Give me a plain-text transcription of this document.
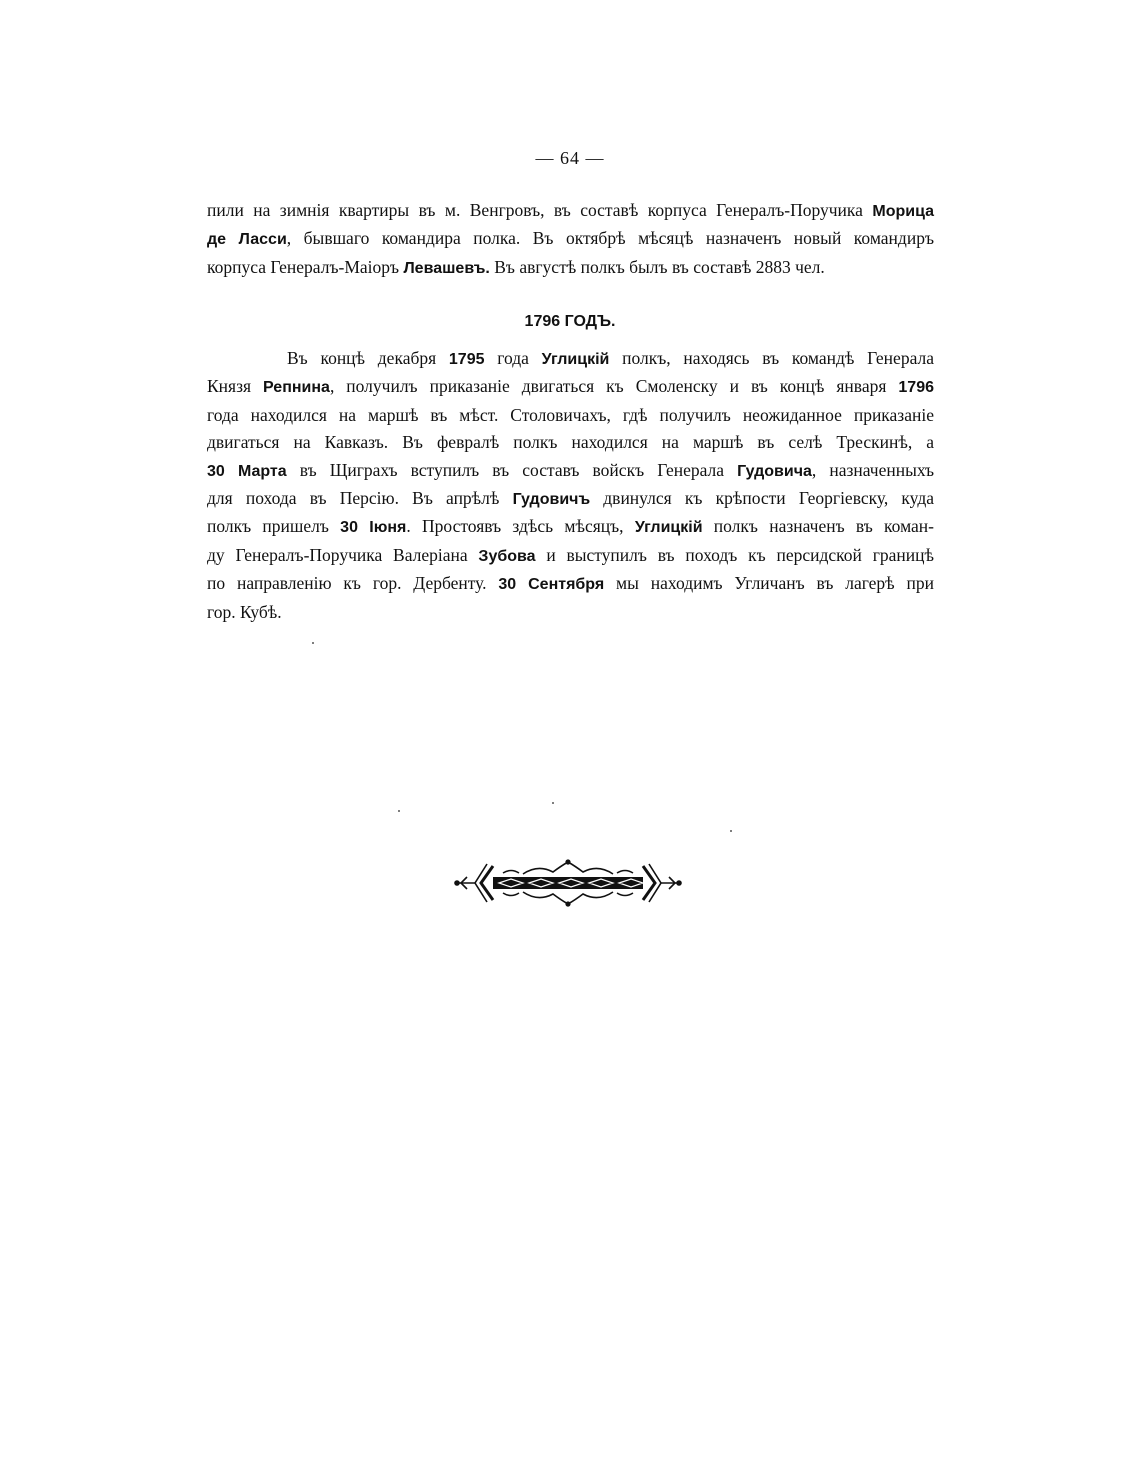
— 64 —

пили на зимнія квартиры въ м. Венгровъ, въ составѣ корпуса Генералъ-Поручика Морица

де Ласси, бывшаго командира полка. Въ октябрѣ мѣсяцѣ назначенъ новый командиръ

корпуса Генералъ-Маіоръ Левашевъ. Въ августѣ полкъ былъ въ составѣ 2883 чел.

1796 ГОДЪ.

Въ концѣ декабря 1795 года Углицкій полкъ, находясь въ командѣ Генерала

Князя Репнина, получилъ приказаніе двигаться къ Смоленску и въ концѣ января 1796

года находился на маршѣ въ мѣст. Столовичахъ, гдѣ получилъ неожиданное приказаніе

двигаться на Кавказъ. Въ февралѣ полкъ находился на маршѣ въ селѣ Трескинѣ, а

30 Марта въ Щиграхъ вступилъ въ составъ войскъ Генерала Гудовича, назначенныхъ

для похода въ Персію. Въ апрѣлѣ Гудовичъ двинулся къ крѣпости Георгіевску, куда

полкъ пришелъ 30 Іюня. Простоявъ здѣсь мѣсяцъ, Углицкій полкъ назначенъ въ коман-

ду Генералъ-Поручика Валеріана Зубова и выступилъ въ походъ къ персидской границѣ

по направленію къ гор. Дербенту. 30 Сентября мы находимъ Угличанъ въ лагерѣ при

гор. Кубѣ.
